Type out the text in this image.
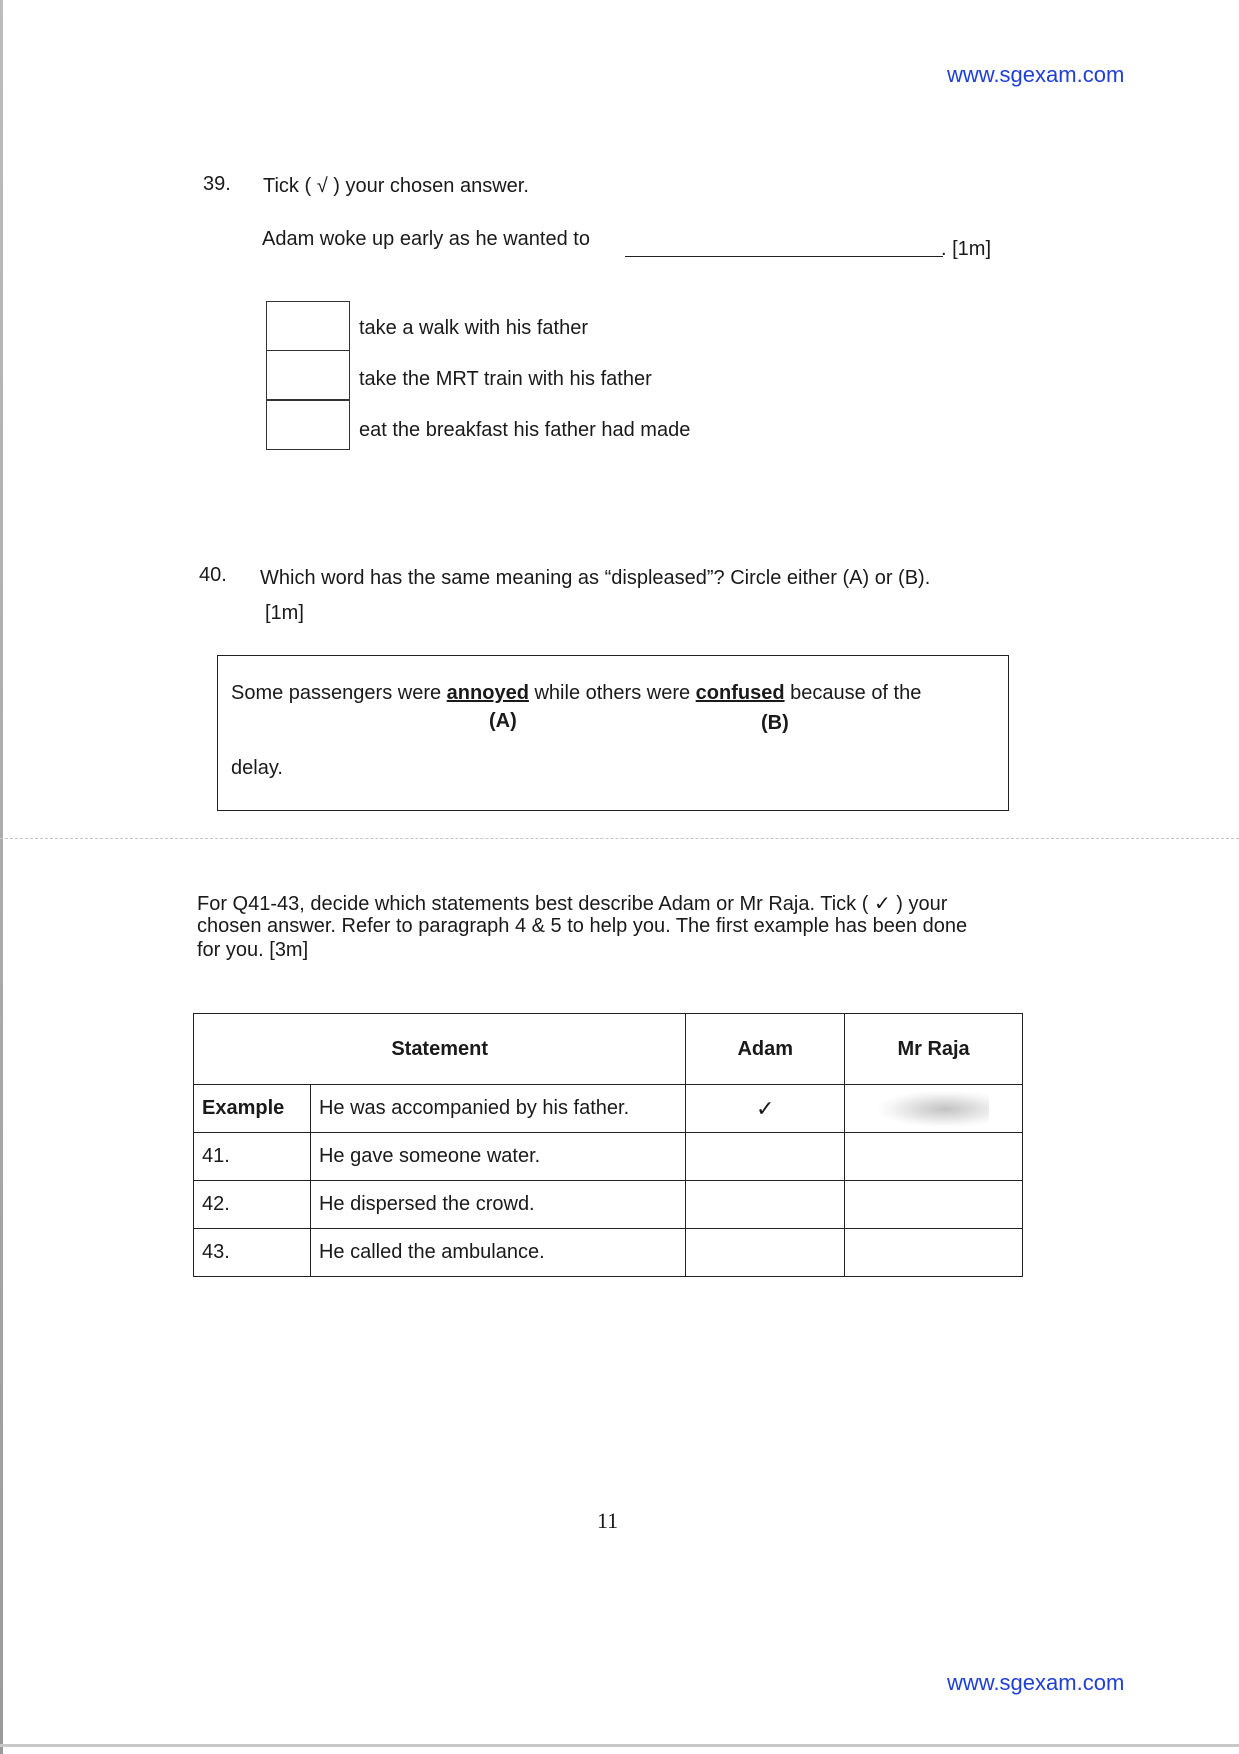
www.sgexam.com
39. Tick ( √ ) your chosen answer.
Adam woke up early as he wanted to	. [1m]
take a walk with his father
take the MRT train with his father
eat the breakfast his father had made
40. Which word has the same meaning as “displeased”? Circle either (A) or (B).
[1m]
Some passengers were annoyed while others were confused because of the
(A)	(B)
delay.
For Q41-43, decide which statements best describe Adam or Mr Raja. Tick ( ✓ ) your
chosen answer. Refer to paragraph 4 & 5 to help you. The first example has been done
for you. [3m]
Statement		Adam	Mr Raja
Example	He was accompanied by his father.	✓	
41.	He gave someone water.		
42.	He dispersed the crowd.		
43.	He called the ambulance.		
11
www.sgexam.com
